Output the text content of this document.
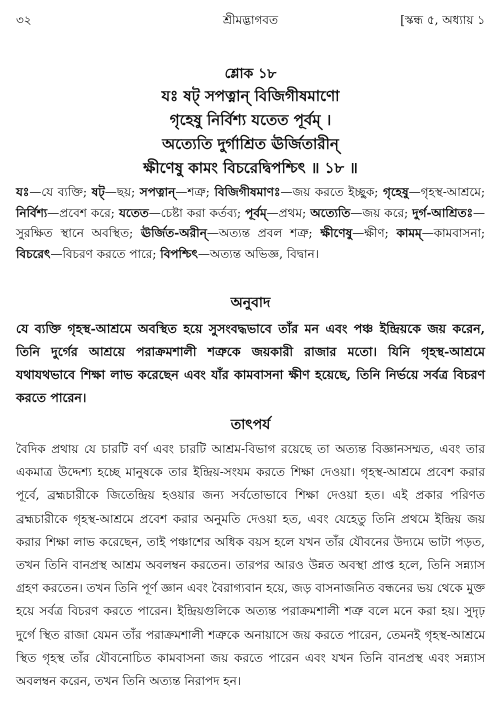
৩২	শ্রীমদ্ভাগবত	[স্কন্ধ ৫, অধ্যায় ১
শ্লোক ১৮
যঃ ষট্ সপত্নান্ বিজিগীষমাণো
গৃহেষু নির্বিশ্য যতেত পূর্বম্ ।
অত্যেতি দুর্গাশ্রিত ঊর্জিতারীন্
ক্ষীণেষু কামং বিচরেদ্বিপশ্চিৎ ॥ ১৮ ॥
যঃ—যে ব্যক্তি; ষট্—ছয়; সপত্নান্—শত্রু; বিজিগীষমাণঃ—জয় করতে ইচ্ছুক; গৃহেষু—গৃহস্থ-আশ্রমে; নির্বিশ্য—প্রবেশ করে; যতেত—চেষ্টা করা কর্তব্য; পূর্বম্—প্রথম; অত্যেতি—জয় করে; দুর্গ-আশ্রিতঃ—সুরক্ষিত স্থানে অবস্থিত; ঊর্জিত-অরীন্—অত্যন্ত প্রবল শত্রু; ক্ষীণেষু—ক্ষীণ; কামম্—কামবাসনা; বিচরেৎ—বিচরণ করতে পারে; বিপশ্চিৎ—অত্যন্ত অভিজ্ঞ, বিদ্বান।
অনুবাদ
যে ব্যক্তি গৃহস্থ-আশ্রমে অবস্থিত হয়ে সুসংবদ্ধভাবে তাঁর মন এবং পঞ্চ ইন্দ্রিয়কে জয় করেন, তিনি দুর্গের আশ্রয়ে পরাক্রমশালী শত্রুকে জয়কারী রাজার মতো। যিনি গৃহস্থ-আশ্রমে যথাযথভাবে শিক্ষা লাভ করেছেন এবং যাঁর কামবাসনা ক্ষীণ হয়েছে, তিনি নির্ভয়ে সর্বত্র বিচরণ করতে পারেন।
তাৎপর্য

বৈদিক প্রথায় যে চারটি বর্ণ এবং চারটি আশ্রম-বিভাগ রয়েছে তা অত্যন্ত বিজ্ঞানসম্মত, এবং তার একমাত্র উদ্দেশ্য হচ্ছে মানুষকে তার ইন্দ্রিয়-সংযম করতে শিক্ষা দেওয়া। গৃহস্থ-আশ্রমে প্রবেশ করার পূর্বে, ব্রহ্মচারীকে জিতেন্দ্রিয় হওয়ার জন্য সর্বতোভাবে শিক্ষা দেওয়া হত। এই প্রকার পরিণত ব্রহ্মচারীকে গৃহস্থ-আশ্রমে প্রবেশ করার অনুমতি দেওয়া হত, এবং যেহেতু তিনি প্রথমে ইন্দ্রিয় জয় করার শিক্ষা লাভ করেছেন, তাই পঞ্চাশের অধিক বয়স হলে যখন তাঁর যৌবনের উদ্যমে ভাটা পড়ত, তখন তিনি বানপ্রস্থ আশ্রম অবলম্বন করতেন। তারপর আরও উন্নত অবস্থা প্রাপ্ত হলে, তিনি সন্ন্যাস গ্রহণ করতেন। তখন তিনি পূর্ণ জ্ঞান এবং বৈরাগ্যবান হয়ে, জড় বাসনাজনিত বন্ধনের ভয় থেকে মুক্ত হয়ে সর্বত্র বিচরণ করতে পারেন। ইন্দ্রিয়গুলিকে অত্যন্ত পরাক্রমশালী শত্রু বলে মনে করা হয়। সুদৃঢ় দুর্গে স্থিত রাজা যেমন তাঁর পরাক্রমশালী শত্রুকে অনায়াসে জয় করতে পারেন, তেমনই গৃহস্থ-আশ্রমে স্থিত গৃহস্থ তাঁর যৌবনোচিত কামবাসনা জয় করতে পারেন এবং যখন তিনি বানপ্রস্থ এবং সন্ন্যাস অবলম্বন করেন, তখন তিনি অত্যন্ত নিরাপদ হন।
